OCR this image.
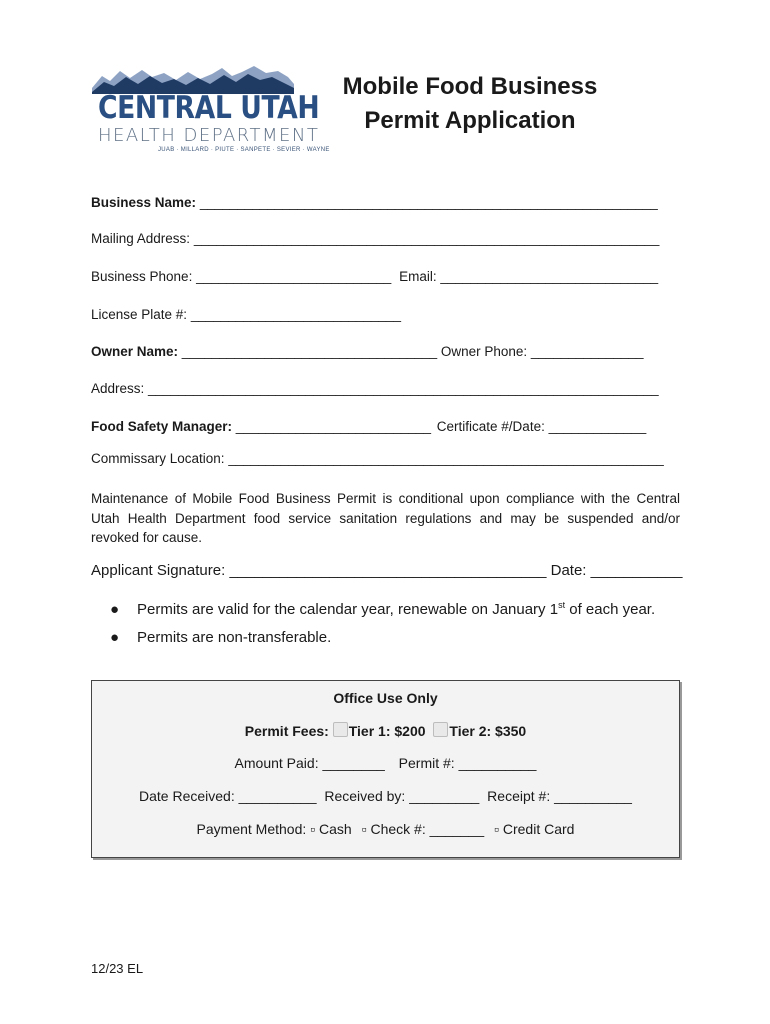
CENTRAL UTAH
HEALTH DEPARTMENT
JUAB · MILLARD · PIUTE · SANPETE · SEVIER · WAYNE
Mobile Food Business
Permit Application
Business Name: _____________________________________________________________
Mailing Address: ______________________________________________________________
Business Phone: __________________________ Email: _____________________________
License Plate #: ____________________________
Owner Name: __________________________________ Owner Phone: _______________
Address: ____________________________________________________________________
Food Safety Manager: __________________________ Certificate #/Date: _____________
Commissary Location: __________________________________________________________
Maintenance of Mobile Food Business Permit is conditional upon compliance with the Central Utah Health Department food service sanitation regulations and may be suspended and/or revoked for cause.
Applicant Signature: ______________________________________ Date: ___________
● Permits are valid for the calendar year, renewable on January 1st of each year.
● Permits are non-transferable.
Office Use Only
Permit Fees: Tier 1: $200 Tier 2: $350
Amount Paid: ________ Permit #: __________
Date Received: __________ Received by: _________ Receipt #: __________
Payment Method: ▫ Cash ▫ Check #: _______ ▫ Credit Card
12/23 EL
